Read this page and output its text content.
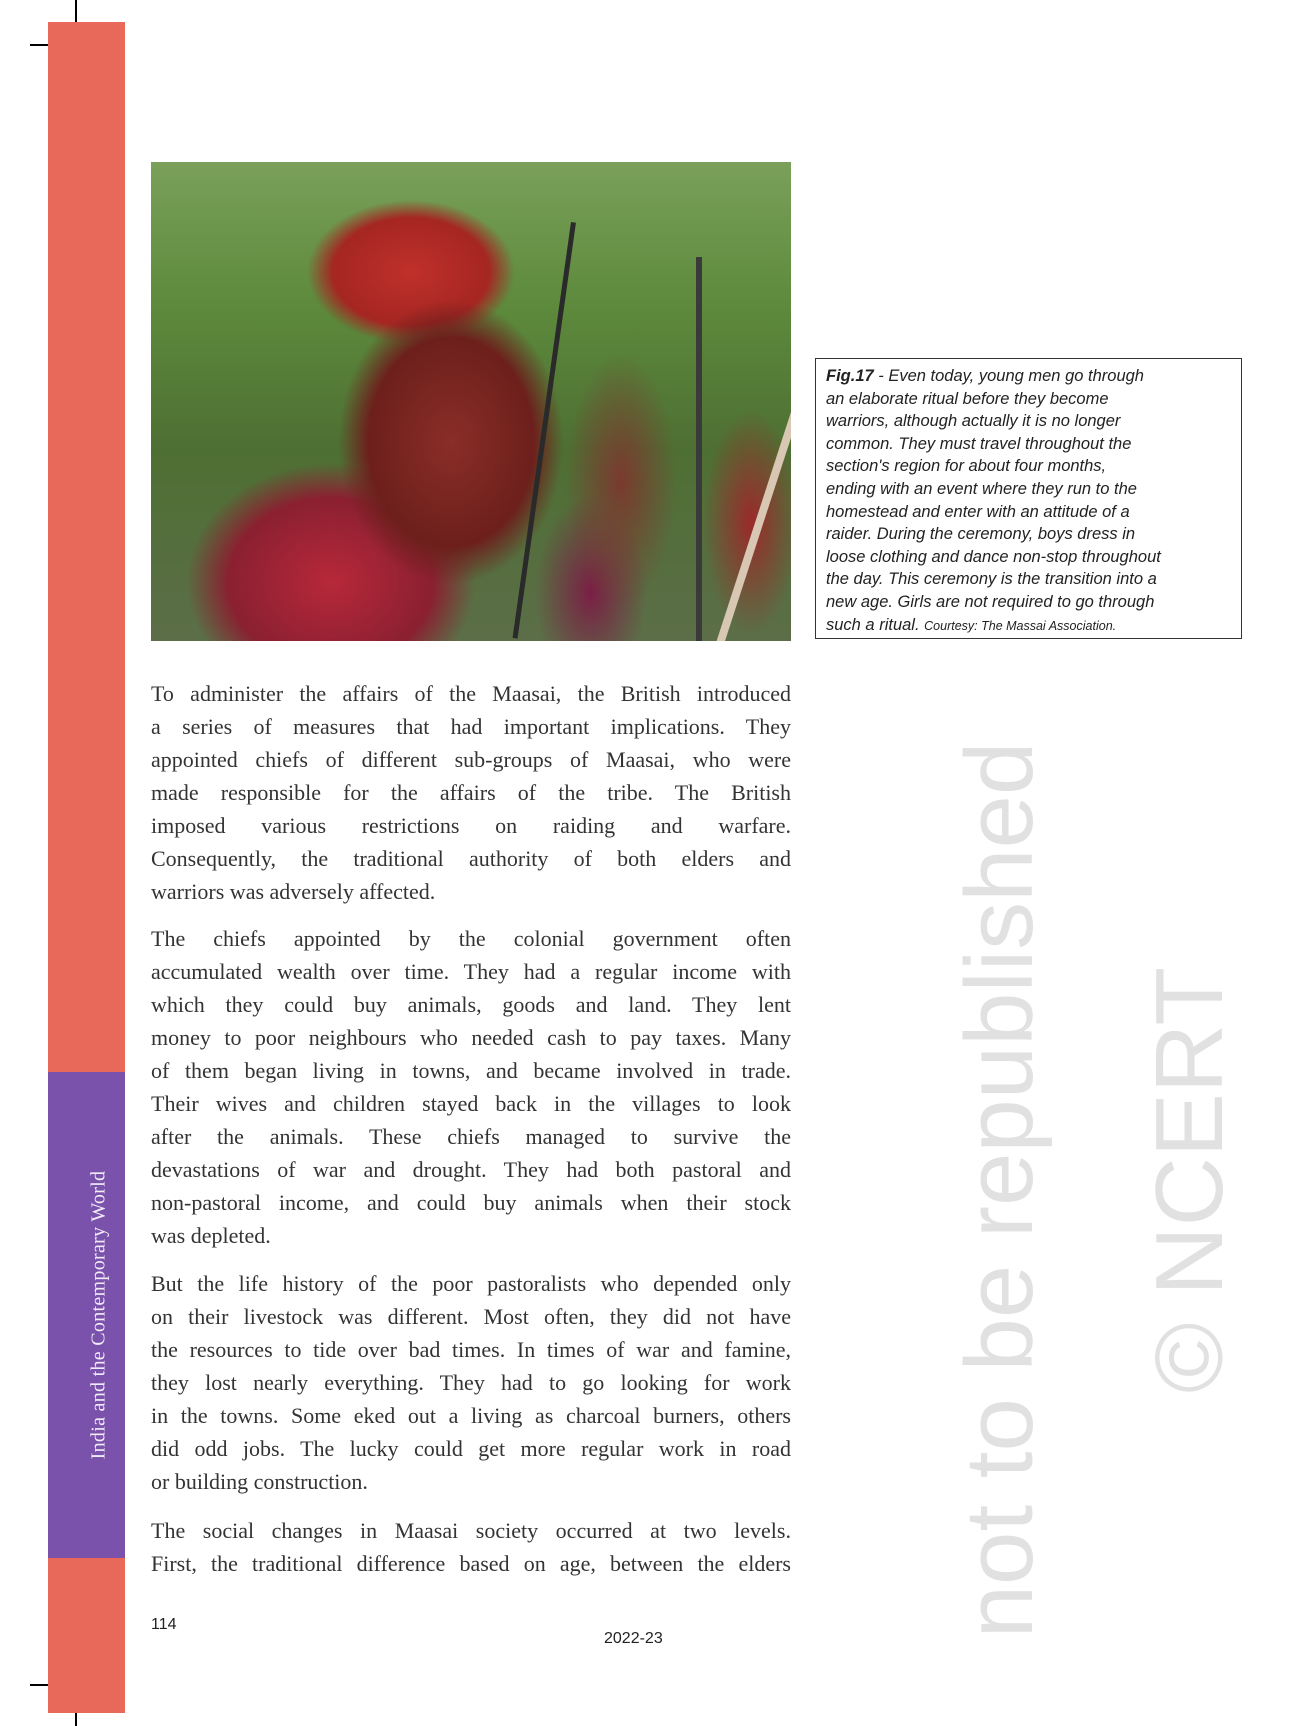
India and the Contemporary World
Fig.17 - Even today, young men go through
an elaborate ritual before they become
warriors, although actually it is no longer
common. They must travel throughout the
section's region for about four months,
ending with an event where they run to the
homestead and enter with an attitude of a
raider. During the ceremony, boys dress in
loose clothing and dance non-stop throughout
the day. This ceremony is the transition into a
new age. Girls are not required to go through
such a ritual. Courtesy: The Massai Association.
© NCERT
not to be republished
To administer the affairs of the Maasai, the British introduced
a series of measures that had important implications. They
appointed chiefs of different sub-groups of Maasai, who were
made responsible for the affairs of the tribe. The British
imposed various restrictions on raiding and warfare.
Consequently, the traditional authority of both elders and
warriors was adversely affected.
The chiefs appointed by the colonial government often
accumulated wealth over time. They had a regular income with
which they could buy animals, goods and land. They lent
money to poor neighbours who needed cash to pay taxes. Many
of them began living in towns, and became involved in trade.
Their wives and children stayed back in the villages to look
after the animals. These chiefs managed to survive the
devastations of war and drought. They had both pastoral and
non-pastoral income, and could buy animals when their stock
was depleted.
But the life history of the poor pastoralists who depended only
on their livestock was different. Most often, they did not have
the resources to tide over bad times. In times of war and famine,
they lost nearly everything. They had to go looking for work
in the towns. Some eked out a living as charcoal burners, others
did odd jobs. The lucky could get more regular work in road
or building construction.
The social changes in Maasai society occurred at two levels.
First, the traditional difference based on age, between the elders
114
2022-23
